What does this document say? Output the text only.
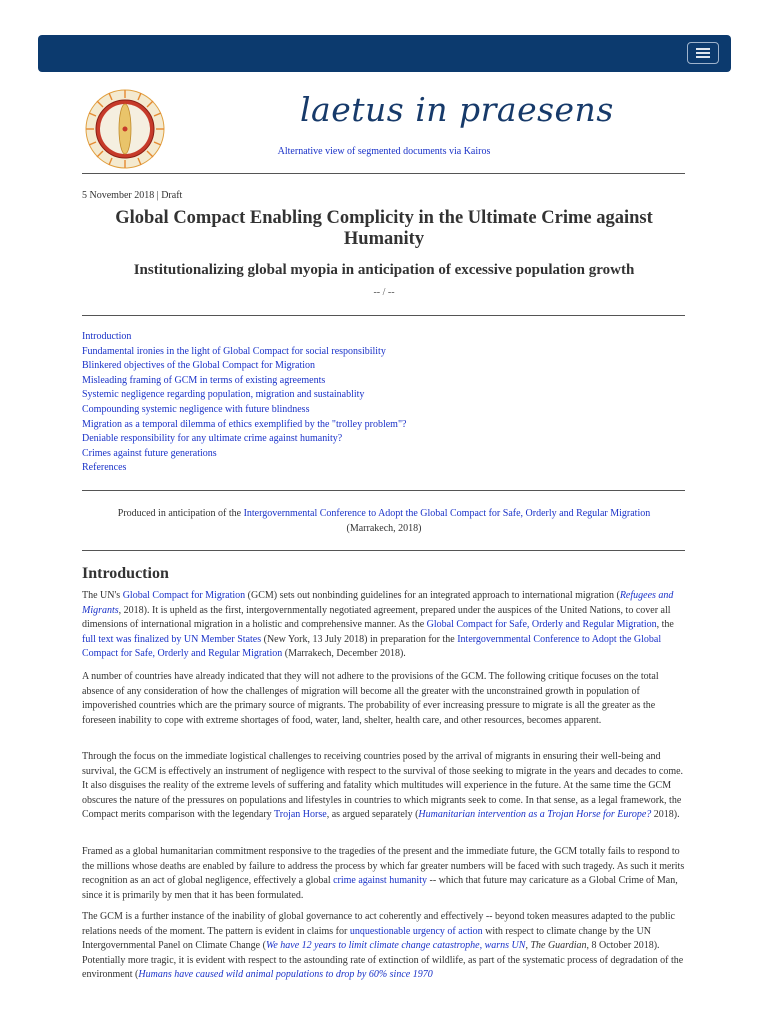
laetus in praesens
Alternative view of segmented documents via Kairos
5 November 2018 | Draft
Global Compact Enabling Complicity in the Ultimate Crime against Humanity
Institutionalizing global myopia in anticipation of excessive population growth
-- / --
Introduction
Fundamental ironies in the light of Global Compact for social responsibility
Blinkered objectives of the Global Compact for Migration
Misleading framing of GCM in terms of existing agreements
Systemic negligence regarding population, migration and sustainablity
Compounding systemic negligence with future blindness
Migration as a temporal dilemma of ethics exemplified by the "trolley problem"?
Deniable responsibility for any ultimate crime against humanity?
Crimes against future generations
References
Produced in anticipation of the Intergovernmental Conference to Adopt the Global Compact for Safe, Orderly and Regular Migration
(Marrakech, 2018)
Introduction

The UN's Global Compact for Migration (GCM) sets out nonbinding guidelines for an integrated approach to international migration (Refugees and Migrants, 2018). It is upheld as the first, intergovernmentally negotiated agreement, prepared under the auspices of the United Nations, to cover all dimensions of international migration in a holistic and comprehensive manner. As the Global Compact for Safe, Orderly and Regular Migration, the full text was finalized by UN Member States (New York, 13 July 2018) in preparation for the Intergovernmental Conference to Adopt the Global Compact for Safe, Orderly and Regular Migration (Marrakech, December 2018).

A number of countries have already indicated that they will not adhere to the provisions of the GCM. The following critique focuses on the total absence of any consideration of how the challenges of migration will become all the greater with the unconstrained growth in population of impoverished countries which are the primary source of migrants. The probability of ever increasing pressure to migrate is all the greater as the foreseen inability to cope with extreme shortages of food, water, land, shelter, health care, and other resources, becomes apparent.

Through the focus on the immediate logistical challenges to receiving countries posed by the arrival of migrants in ensuring their well-being and survival, the GCM is effectively an instrument of negligence with respect to the survival of those seeking to migrate in the years and decades to come. It also disguises the reality of the extreme levels of suffering and fatality which multitudes will experience in the future. At the same time the GCM obscures the nature of the pressures on populations and lifestyles in countries to which migrants seek to come. In that sense, as a legal framework, the Compact merits comparison with the legendary Trojan Horse, as argued separately (Humanitarian intervention as a Trojan Horse for Europe? 2018).

Framed as a global humanitarian commitment responsive to the tragedies of the present and the immediate future, the GCM totally fails to respond to the millions whose deaths are enabled by failure to address the process by which far greater numbers will be faced with such tragedy. As such it merits recognition as an act of global negligence, effectively a global crime against humanity -- which that future may caricature as a Global Crime of Man, since it is primarily by men that it has been formulated.

The GCM is a further instance of the inability of global governance to act coherently and effectively -- beyond token measures adapted to the public relations needs of the moment. The pattern is evident in claims for unquestionable urgency of action with respect to climate change by the UN Intergovernmental Panel on Climate Change (We have 12 years to limit climate change catastrophe, warns UN, The Guardian, 8 October 2018). Potentially more tragic, it is evident with respect to the astounding rate of extinction of wildlife, as part of the systematic process of degradation of the environment (Humans have caused wild animal populations to drop by 60% since 1970
